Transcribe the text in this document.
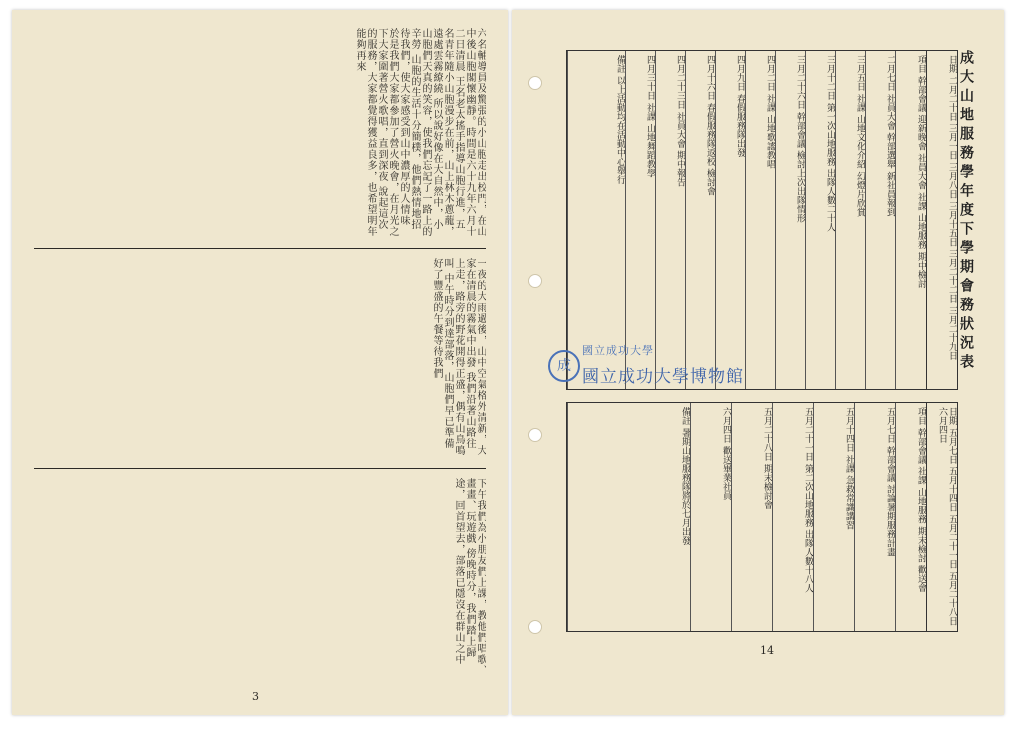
六名輔導員及驚張的小山胞走出校門，在山中後山胞閣懷幽靜。時間是六十九年六月十二日清晨 王名老太搖手指導山胞行進，五名青年隨小山胞漫步在前，山上林木蔥蘢，遠處雲霧繚繞 所以說好像在大自然中，小山胞們天真的笑容，使我們忘記了一路上的辛勞 山胞的生活十分簡樸，他們熱情地招待我們，使大家感受到山中濃厚的人情味 於是我們大家都參加了營火晚會，在月光之下大家圍著營火歌唱，直到深夜 說起這次的服務，大家都覺得獲益良多，也希望明年能夠再來
一夜的大雨過後，山中空氣格外清新，大家在清晨的霧氣中出發 我們沿著山路往上走，路旁的野花開得正盛，偶有山鳥鳴叫 中午時分到達部落，山胞們早已準備好了豐盛的午餐等待我們
下午我們為小朋友們上課，教他們唱歌、畫畫、玩遊戲 傍晚時分，我們踏上歸途，回首望去，部落已隱沒在群山之中
3
成大山地服務學年度下學期會務狀況表
日期 二月二十日 三月一日 三月八日 三月十五日 三月二十二日 三月二十九日
項目 幹部會議 迎新晚會 社員大會 社課 山地服務 期中檢討
二月七日 社員大會 幹部選舉 新社員報到
三月五日 社課 山地文化介紹 幻燈片欣賞
三月十二日 第一次山地服務 出隊人數二十人
三月二十六日 幹部會議 檢討上次出隊情形
四月二日 社課 山地歌謠教唱
四月九日 春假服務隊出發
四月十六日 春假服務隊返校 檢討會
四月二十三日 社員大會 期中報告
四月三十日 社課 山地舞蹈教學
備註 以上活動均在活動中心舉行
日期 五月七日 五月十四日 五月二十一日 五月二十八日 六月四日
項目 幹部會議 社課 山地服務 期末檢討 歡送會
五月七日 幹部會議 討論暑期服務計畫
五月十四日 社課 急救常識講習
五月二十一日 第二次山地服務 出隊人數十八人
五月二十八日 期末檢討會
六月四日 歡送畢業社員
備註 暑期山地服務隊將於七月出發
14
成
國立成功大學
國立成功大學博物館
